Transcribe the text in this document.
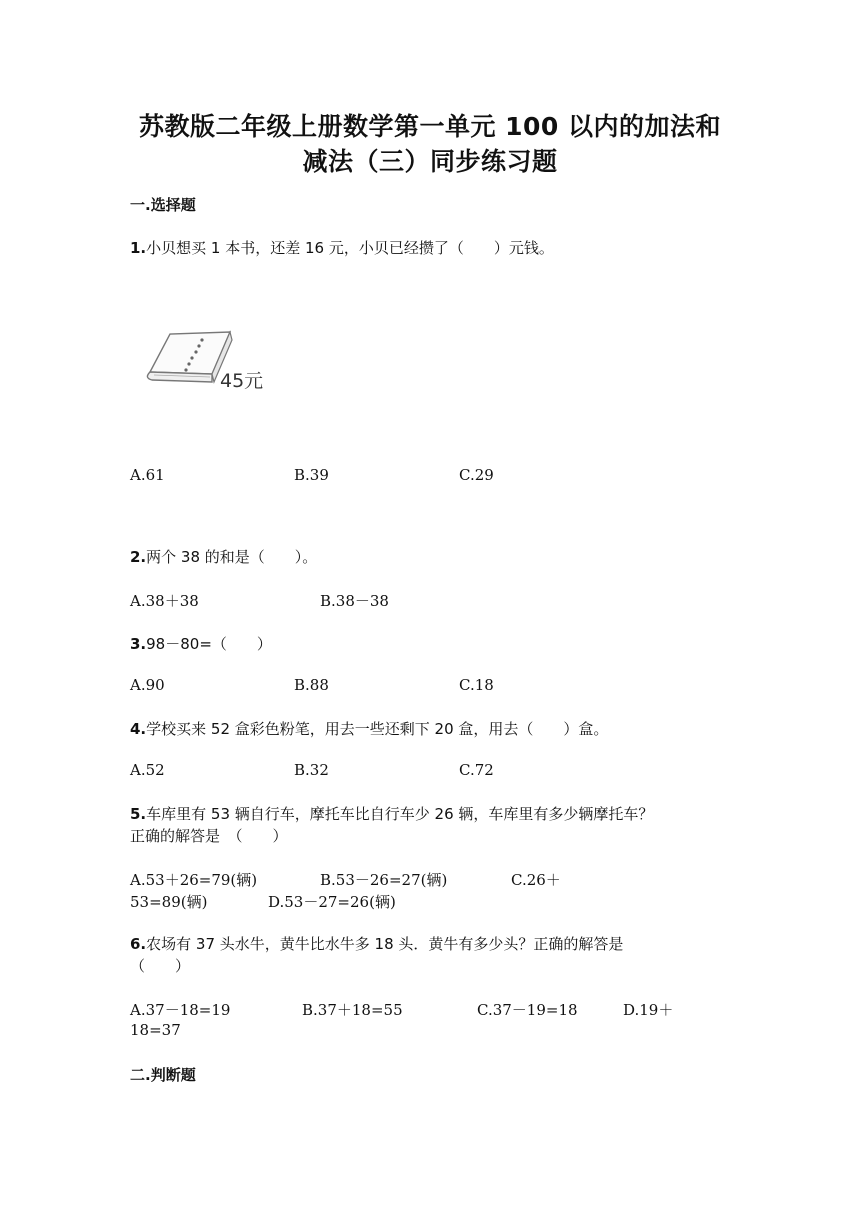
苏教版二年级上册数学第一单元 100 以内的加法和
减法（三）同步练习题
一.选择题
1.小贝想买 1 本书，还差 16 元，小贝已经攒了（　　）元钱。
45元
A.61	B.39	C.29
2.两个 38 的和是（　　）。
A.38＋38	B.38－38
3.98－80=（　　）
A.90	B.88	C.18
4.学校买来 52 盒彩色粉笔，用去一些还剩下 20 盒，用去（　　）盒。
A.52	B.32	C.72
5.车库里有 53 辆自行车，摩托车比自行车少 26 辆，车库里有多少辆摩托车？
正确的解答是　（　　）
A.53＋26=79(辆)	B.53－26=27(辆)	C.26＋
53=89(辆)	D.53－27=26(辆)
6.农场有 37 头水牛，黄牛比水牛多 18 头．黄牛有多少头？正确的解答是
（　　）
A.37－18=19	B.37＋18=55	C.37－19=18	D.19＋
18=37
二.判断题
